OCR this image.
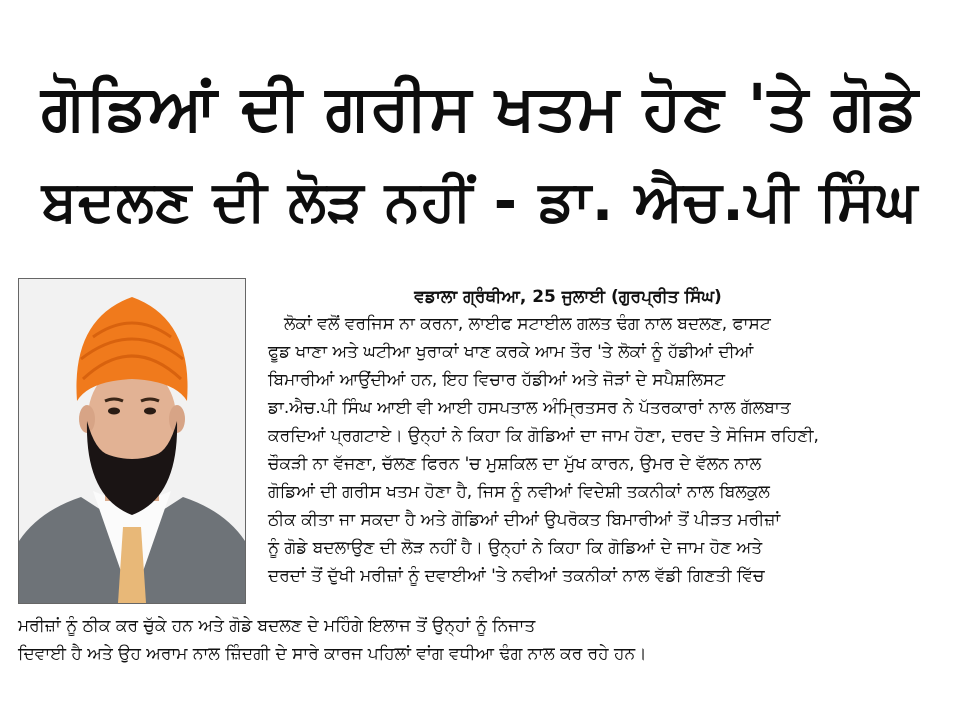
ਗੋਡਿਆਂ ਦੀ ਗਰੀਸ ਖਤਮ ਹੋਣ 'ਤੇ ਗੋਡੇ
ਬਦਲਣ ਦੀ ਲੋੜ ਨਹੀਂ - ਡਾ. ਐਚ.ਪੀ ਸਿੰਘ
ਵਡਾਲਾ ਗ੍ਰੰਥੀਆ, 25 ਜੁਲਾਈ (ਗੁਰਪ੍ਰੀਤ ਸਿੰਘ)
ਲੋਕਾਂ ਵਲੋਂ ਵਰਜਿਸ ਨਾ ਕਰਨਾ, ਲਾਈਫ ਸਟਾਈਲ ਗਲਤ ਢੰਗ ਨਾਲ ਬਦਲਣ, ਫਾਸਟ
ਫੂਡ ਖਾਣਾ ਅਤੇ ਘਟੀਆ ਖੁਰਾਕਾਂ ਖਾਣ ਕਰਕੇ ਆਮ ਤੌਰ 'ਤੇ ਲੋਕਾਂ ਨੂੰ ਹੱਡੀਆਂ ਦੀਆਂ
ਬਿਮਾਰੀਆਂ ਆਉਂਦੀਆਂ ਹਨ, ਇਹ ਵਿਚਾਰ ਹੱਡੀਆਂ ਅਤੇ ਜੋੜਾਂ ਦੇ ਸਪੈਸ਼ਲਿਸਟ
ਡਾ.ਐਚ.ਪੀ ਸਿੰਘ ਆਈ ਵੀ ਆਈ ਹਸਪਤਾਲ ਅੰਮ੍ਰਿਤਸਰ ਨੇ ਪੱਤਰਕਾਰਾਂ ਨਾਲ ਗੱਲਬਾਤ
ਕਰਦਿਆਂ ਪ੍ਰਗਟਾਏ। ਉਨ੍ਹਾਂ ਨੇ ਕਿਹਾ ਕਿ ਗੋਡਿਆਂ ਦਾ ਜਾਮ ਹੋਣਾ, ਦਰਦ ਤੇ ਸੋਜਿਸ ਰਹਿਣੀ,
ਚੌਕੜੀ ਨਾ ਵੱਜਣਾ, ਚੱਲਣ ਫਿਰਨ 'ਚ ਮੁਸ਼ਕਿਲ ਦਾ ਮੁੱਖ ਕਾਰਨ, ਉਮਰ ਦੇ ਵੱਲਨ ਨਾਲ
ਗੋਡਿਆਂ ਦੀ ਗਰੀਸ ਖਤਮ ਹੋਣਾ ਹੈ, ਜਿਸ ਨੂੰ ਨਵੀਆਂ ਵਿਦੇਸ਼ੀ ਤਕਨੀਕਾਂ ਨਾਲ ਬਿਲਕੁਲ
ਠੀਕ ਕੀਤਾ ਜਾ ਸਕਦਾ ਹੈ ਅਤੇ ਗੋਡਿਆਂ ਦੀਆਂ ਉਪਰੋਕਤ ਬਿਮਾਰੀਆਂ ਤੋਂ ਪੀੜਤ ਮਰੀਜ਼ਾਂ
ਨੂੰ ਗੋਡੇ ਬਦਲਾਉਣ ਦੀ ਲੋੜ ਨਹੀਂ ਹੈ। ਉਨ੍ਹਾਂ ਨੇ ਕਿਹਾ ਕਿ ਗੋਡਿਆਂ ਦੇ ਜਾਮ ਹੋਣ ਅਤੇ
ਦਰਦਾਂ ਤੋਂ ਦੁੱਖੀ ਮਰੀਜ਼ਾਂ ਨੂੰ ਦਵਾਈਆਂ 'ਤੇ ਨਵੀਆਂ ਤਕਨੀਕਾਂ ਨਾਲ ਵੱਡੀ ਗਿਣਤੀ ਵਿੱਚ
ਮਰੀਜ਼ਾਂ ਨੂੰ ਠੀਕ ਕਰ ਚੁੱਕੇ ਹਨ ਅਤੇ ਗੋਡੇ ਬਦਲਣ ਦੇ ਮਹਿੰਗੇ ਇਲਾਜ ਤੋਂ ਉਨ੍ਹਾਂ ਨੂੰ ਨਿਜਾਤ
ਦਿਵਾਈ ਹੈ ਅਤੇ ਉਹ ਅਰਾਮ ਨਾਲ ਜ਼ਿੰਦਗੀ ਦੇ ਸਾਰੇ ਕਾਰਜ ਪਹਿਲਾਂ ਵਾਂਗ ਵਧੀਆ ਢੰਗ ਨਾਲ ਕਰ ਰਹੇ ਹਨ।
